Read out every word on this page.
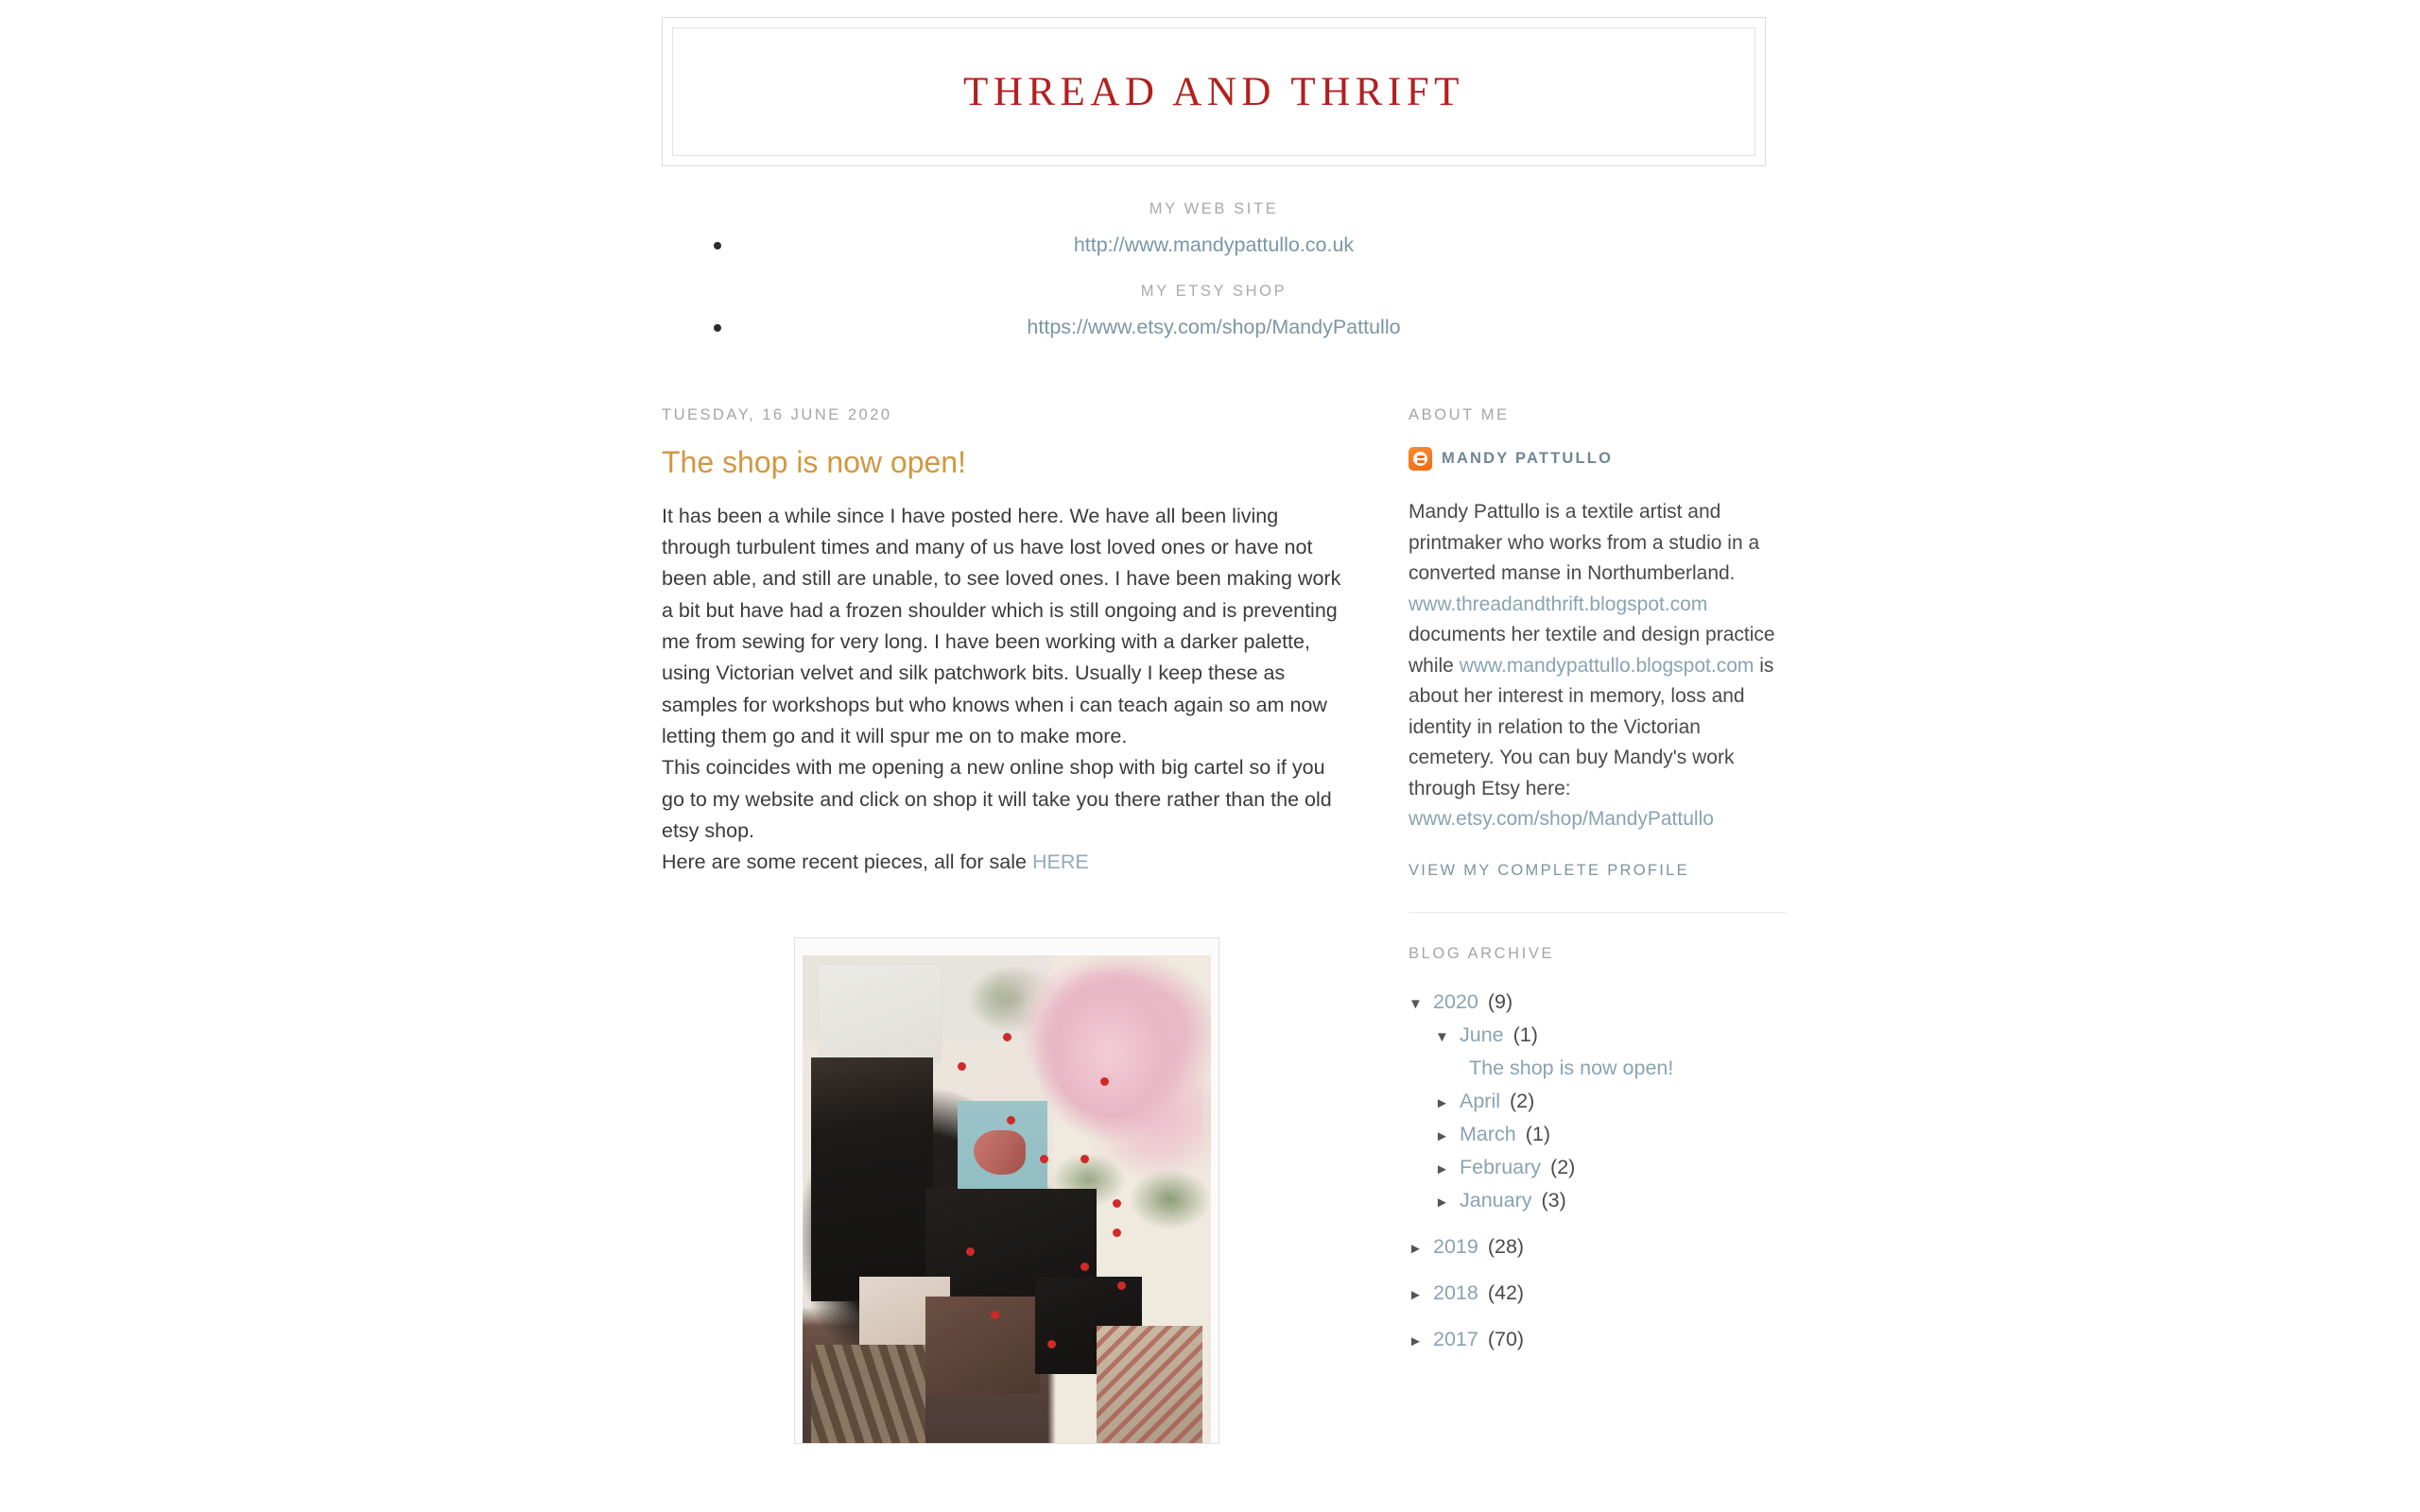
THREAD AND THRIFT
MY WEB SITE
http://www.mandypattullo.co.uk
MY ETSY SHOP
https://www.etsy.com/shop/MandyPattullo
TUESDAY, 16 JUNE 2020
The shop is now open!

It has been a while since I have posted here. We have all been living through turbulent times and many of us have lost loved ones or have not been able, and still are unable, to see loved ones. I have been making work a bit but have had a frozen shoulder which is still ongoing and is preventing me from sewing for very long. I have been working with a darker palette, using Victorian velvet and silk patchwork bits. Usually I keep these as samples for workshops but who knows when i can teach again so am now letting them go and it will spur me on to make more.

This coincides with me opening a new online shop with big cartel so if you go to my website and click on shop it will take you there rather than the old etsy shop.

Here are some recent pieces, all for sale HERE

ABOUT ME
MANDY PATTULLO

Mandy Pattullo is a textile artist and printmaker who works from a studio in a converted manse in Northumberland. www.threadandthrift.blogspot.com documents her textile and design practice while www.mandypattullo.blogspot.com is about her interest in memory, loss and identity in relation to the Victorian cemetery. You can buy Mandy's work through Etsy here: www.etsy.com/shop/MandyPattullo

VIEW MY COMPLETE PROFILE
BLOG ARCHIVE
▼ 2020 (9)
▼ June (1)
The shop is now open!
► April (2)
► March (1)
► February (2)
► January (3)
► 2019 (28)
► 2018 (42)
► 2017 (70)
